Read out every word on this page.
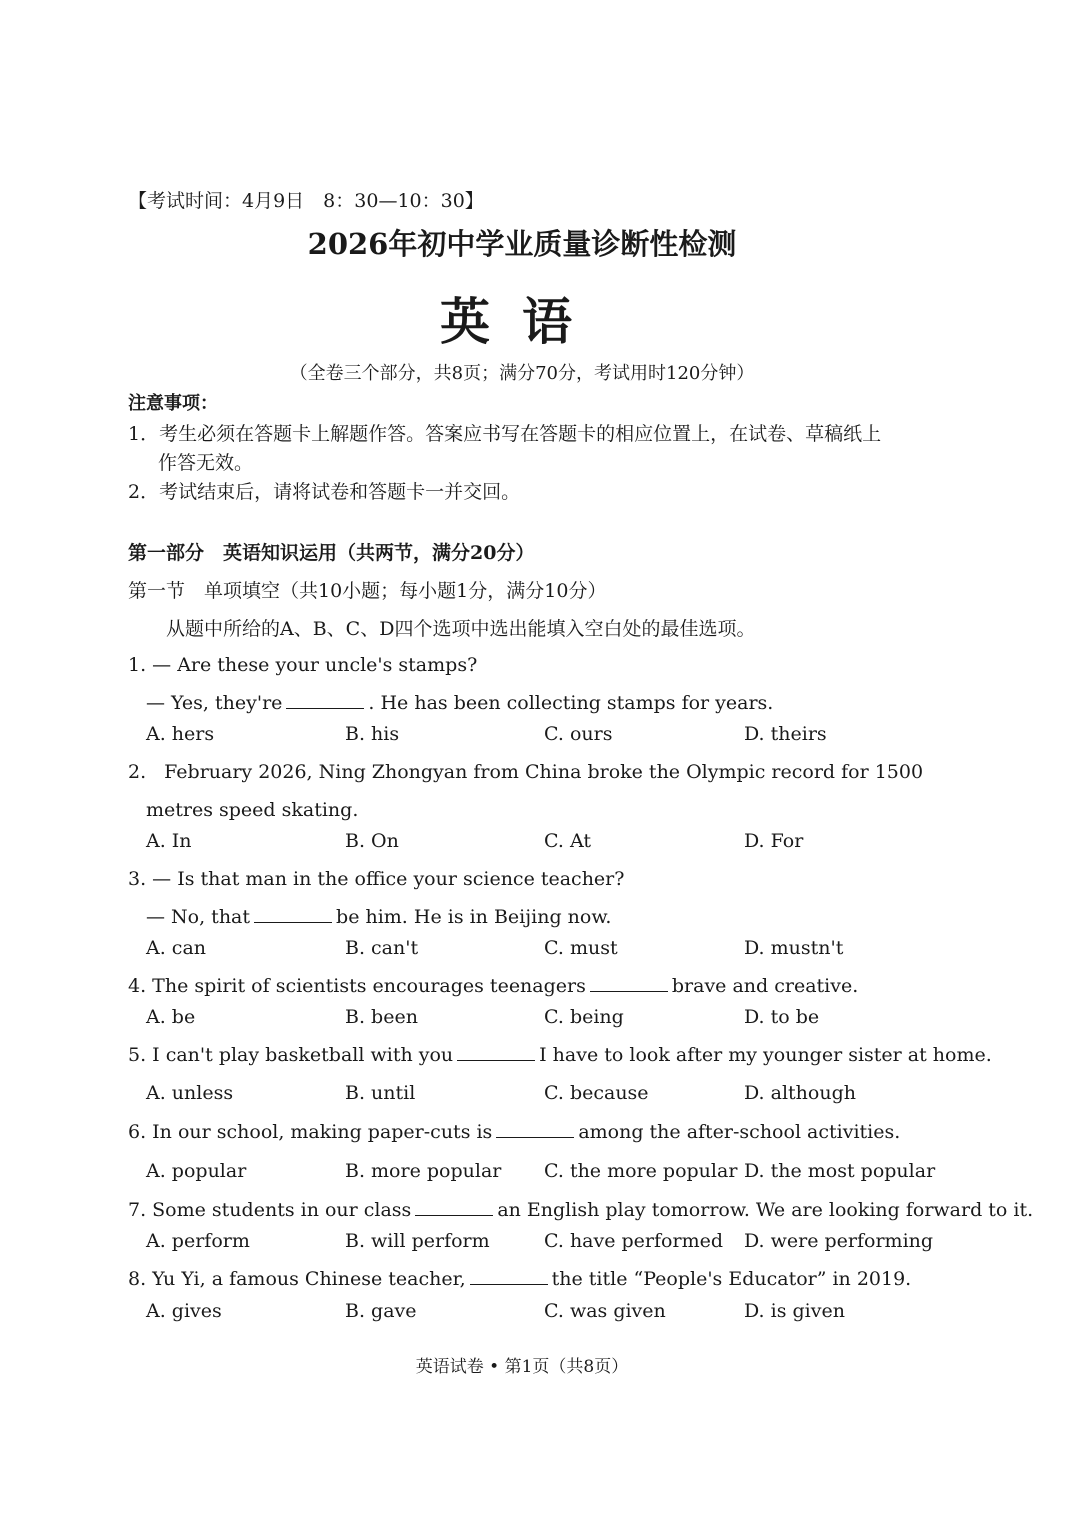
【考试时间：4月9日　8：30—10：30】
2026年初中学业质量诊断性检测
英语
（全卷三个部分，共8页；满分70分，考试用时120分钟）
注意事项：
1．考生必须在答题卡上解题作答。答案应书写在答题卡的相应位置上，在试卷、草稿纸上
作答无效。
2．考试结束后，请将试卷和答题卡一并交回。
第一部分　英语知识运用（共两节，满分20分）
第一节　单项填空（共10小题；每小题1分，满分10分）
从题中所给的A、B、C、D四个选项中选出能填入空白处的最佳选项。
1. — Are these your uncle's stamps?
— Yes, they're	. He has been collecting stamps for years.
A. hers	B. his	C. ours	D. theirs
2. February 2026, Ning Zhongyan from China broke the Olympic record for 1500
metres speed skating.
A. In	B. On	C. At	D. For
3. — Is that man in the office your science teacher?
— No, that	be him. He is in Beijing now.
A. can	B. can't	C. must	D. mustn't
4. The spirit of scientists encourages teenagers	brave and creative.
A. be	B. been	C. being	D. to be
5. I can't play basketball with you	I have to look after my younger sister at home.
A. unless	B. until	C. because	D. although
6. In our school, making paper-cuts is	among the after-school activities.
A. popular	B. more popular C. the more popular D. the most popular
7. Some students in our class	an English play tomorrow. We are looking forward to it.
A. perform	B. will perform	C. have performed D. were performing
8. Yu Yi, a famous Chinese teacher,	the title “People's Educator” in 2019.
A. gives	B. gave	C. was given	D. is given
英语试卷 • 第1页（共8页）
